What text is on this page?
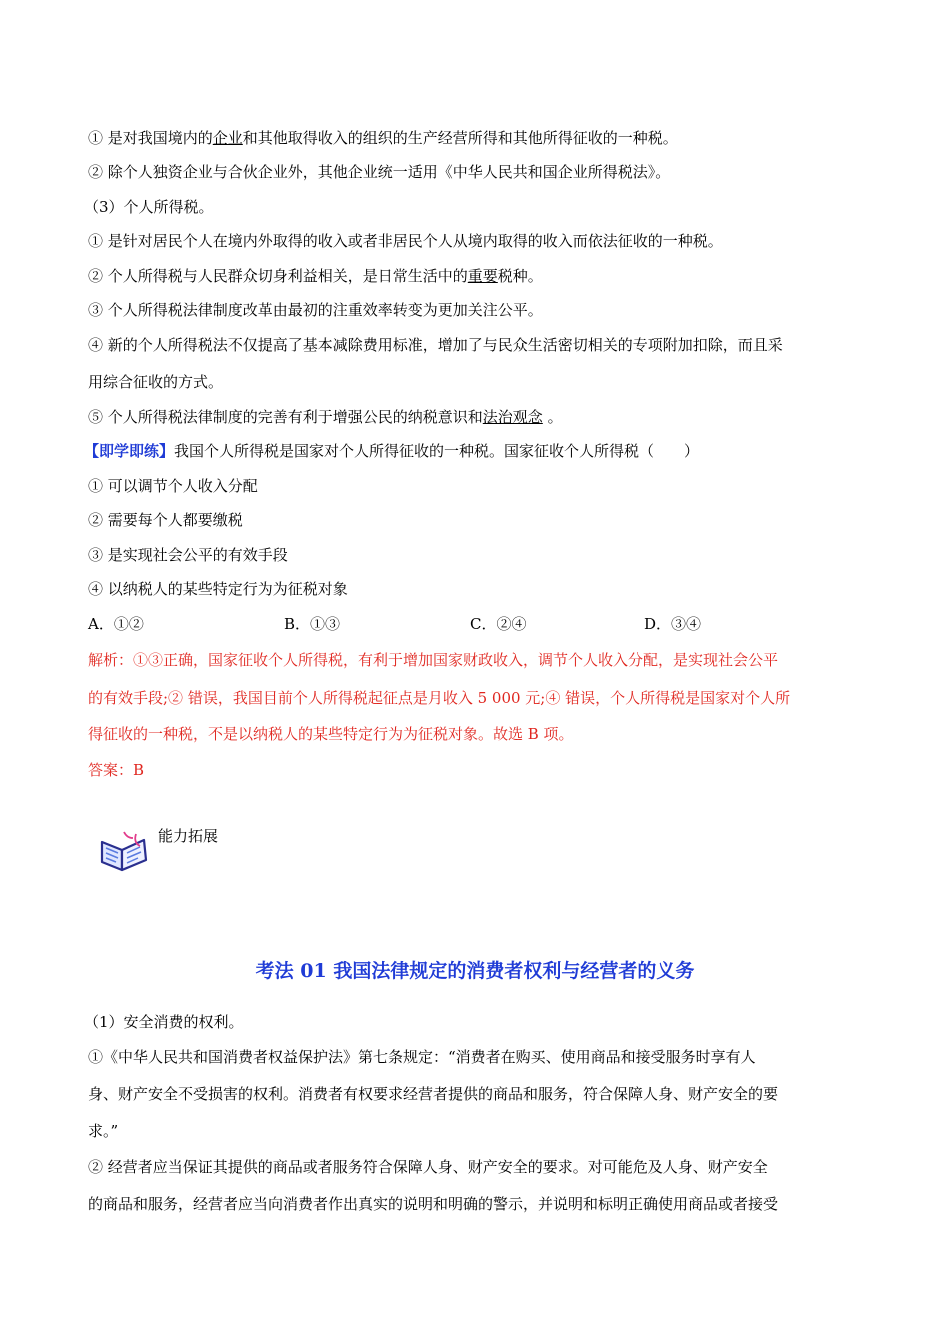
① 是对我国境内的企业和其他取得收入的组织的生产经营所得和其他所得征收的一种税。
② 除个人独资企业与合伙企业外，其他企业统一适用《中华人民共和国企业所得税法》。
（3）个人所得税。
① 是针对居民个人在境内外取得的收入或者非居民个人从境内取得的收入而依法征收的一种税。
② 个人所得税与人民群众切身利益相关，是日常生活中的重要税种。
③ 个人所得税法律制度改革由最初的注重效率转变为更加关注公平。
④ 新的个人所得税法不仅提高了基本减除费用标准，增加了与民众生活密切相关的专项附加扣除，而且采
用综合征收的方式。
⑤ 个人所得税法律制度的完善有利于增强公民的纳税意识和法治观念 。
【即学即练】我国个人所得税是国家对个人所得征收的一种税。国家征收个人所得税（　　）
① 可以调节个人收入分配
② 需要每个人都要缴税
③ 是实现社会公平的有效手段
④ 以纳税人的某些特定行为为征税对象
A．①②	B．①③	C．②④	D．③④
解析：①③正确，国家征收个人所得税，有利于增加国家财政收入，调节个人收入分配，是实现社会公平
的有效手段;② 错误，我国目前个人所得税起征点是月收入 5 000 元;④ 错误，个人所得税是国家对个人所
得征收的一种税，不是以纳税人的某些特定行为为征税对象。故选 B 项。
答案：B
能力拓展
考法 01 我国法律规定的消费者权利与经营者的义务
（1）安全消费的权利。
①《中华人民共和国消费者权益保护法》第七条规定：“消费者在购买、使用商品和接受服务时享有人
身、财产安全不受损害的权利。消费者有权要求经营者提供的商品和服务，符合保障人身、财产安全的要
求。”
② 经营者应当保证其提供的商品或者服务符合保障人身、财产安全的要求。对可能危及人身、财产安全
的商品和服务，经营者应当向消费者作出真实的说明和明确的警示，并说明和标明正确使用商品或者接受
